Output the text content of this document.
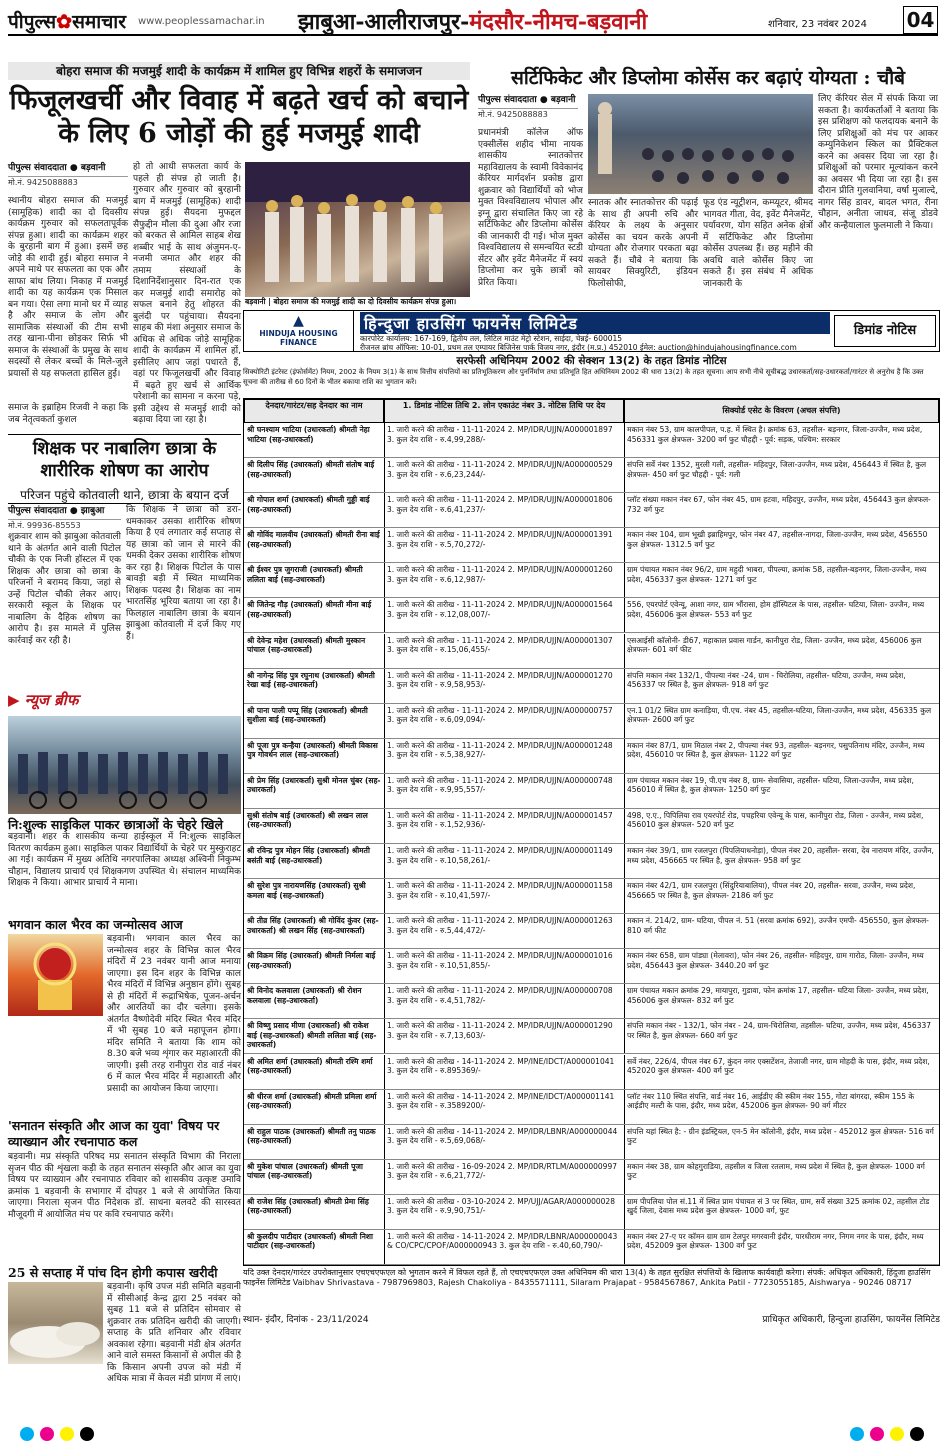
पीपुल्स✿समाचार www.peoplessamachar.in झाबुआ-आलीराजपुर-मंदसौर-नीमच-बड़वानी	शनिवार, 23 नवंबर 2024 04
बोहरा समाज की मजमुई शादी के कार्यक्रम में शामिल हुए विभिन्न शहरों के समाजजन
फिजूलखर्ची और विवाह में बढ़ते खर्च को बचाने के लिए 6 जोड़ों की हुई मजमुई शादी
पीपुल्स संवाददाता ● बड़वानी
मो.नं. 9425088883
स्थानीय बोहरा समाज की मजमुई (सामूहिक) शादी का दो दिवसीय कार्यक्रम गुरुवार को सफलतापूर्वक संपन्न हुआ। शादी का कार्यक्रम शहर के बुरहानी बाग में हुआ। इसमें छह जोड़े की शादी हुई। बोहरा समाज ने अपने माथे पर सफलता का एक और साफा बांध लिया। निकाह में मजमुई शादी का यह कार्यक्रम एक मिसाल बन गया। ऐसा लगा मानो घर में व्याह है और समाज के लोग और सामाजिक संस्थाओं की टीम सभी तरह खाना-पीना छोड़कर सिर्फ़ भी समाज के संस्थाओं के प्रमुख के साथ सदस्यों से लेकर बच्चों के मिले-जुले प्रयासों से यह सफलता हासिल हुई।
समाज के इब्राहिम रिजवी ने कहा कि जब नेतृत्वकर्ता कुशल
हो तो आधी सफलता कार्य के पहले ही संपन्न हो जाती है। गुरुवार और गुरुवार को बुरहानी बाग में मजमुई (सामूहिक) शादी संपन्न हुई। सैयदना मुफद्दल सैफुद्दीन मौला की दुआ और रजा को बरकत से आमिल साहब शेख शब्बीर भाई के साथ अंजुमन-ए-नजमी जमात और शहर की तमाम संस्थाओं के दिशानिर्देशानुसार दिन-रात एक कर मजमुई शादी समारोह को सफल बनाने हेतु शोहरत की बुलंदी पर पहुंचाया। सैयदना साहब की मंशा अनुसार समाज के अधिक से अधिक जोड़े सामूहिक शादी के कार्यक्रम में शामिल हों, इसीलिए आप जहां पधारते हैं, वहां पर फिजूलखर्ची और विवाह में बढ़ते हुए खर्च से आर्थिक परेशानी का सामना न करना पड़े, इसी उद्देश्य से मजमुई शादी को बढ़ावा दिया जा रहा है।
बड़वानी | बोहरा समाज की मजमुई शादी का दो दिवसीय कार्यक्रम संपन्न हुआ।
शिक्षक पर नाबालिग छात्रा के शारीरिक शोषण का आरोप
परिजन पहुंचे कोतवाली थाने, छात्रा के बयान दर्ज
पीपुल्स संवाददाता ● झाबुआ
मो.नं. 99936-85553
शुक्रवार शाम को झाबुआ कोतवाली थाने के अंतर्गत आने वाली पिटोल चौकी के एक निजी हॉस्टल में एक शिक्षक और छात्रा को छात्रा के परिजनों ने बरामद किया, जहां से उन्हें पिटोल चौकी लेकर आए। सरकारी स्कूल के शिक्षक पर नाबालिग के दैहिक शोषण का आरोप है। इस मामले में पुलिस कार्रवाई कर रही है।
कि शिक्षक ने छात्रा को डरा-धमकाकर उसका शारीरिक शोषण किया है एवं लगातार कई सप्ताह से यह छात्रा को जान से मारने की धमकी देकर उसका शारीरिक शोषण कर रहा है। शिक्षक पिटोल के पास बावड़ी बड़ी में स्थित माध्यमिक शिक्षक पदस्थ है। शिक्षक का नाम भारतसिंह भूरिया बताया जा रहा है। फिलहाल नाबालिग छात्रा के बयान झाबुआ कोतवाली में दर्ज किए गए हैं।
▶ न्यूज ब्रीफ
नि:शुल्क साइकिल पाकर छात्राओं के चेहरे खिले
बड़वानी। शहर के शासकीय कन्या हाईस्कूल में नि:शुल्क साइकिल वितरण कार्यक्रम हुआ। साइकिल पाकर विद्यार्थियों के चेहरे पर मुस्कुराहट आ गई। कार्यक्रम में मुख्य अतिथि नगरपालिका अध्यक्ष अश्विनी निकुम्भ चौहान, विद्यालय प्राचार्य एवं शिक्षकगण उपस्थित थे। संचालन माध्यमिक शिक्षक ने किया। आभार प्राचार्य ने माना।
भगवान काल भैरव का जन्मोत्सव आज
बड़वानी। भगवान काल भैरव का जन्मोत्सव शहर के विभिन्न काल भैरव मंदिरों में 23 नवंबर यानी आज मनाया जाएगा। इस दिन शहर के विभिन्न काल भैरव मंदिरों में विभिन्न अनुष्ठान होंगे। सुबह से ही मंदिरों में रूद्राभिषेक, पूजन-अर्चन और आरतियों का दौर चलेगा। इसके अंतर्गत वैष्णोदेवी मंदिर स्थित भैरव मंदिर में भी सुबह 10 बजे महापूजन होगा। मंदिर समिति ने बताया कि शाम को 8.30 बजे भव्य शृंगार कर महाआरती की जाएगी। इसी तरह रानीपुरा रोड वार्ड नंबर 6 में काल भैरव मंदिर में महाआरती और प्रसादी का आयोजन किया जाएगा।
'सनातन संस्कृति और आज का युवा' विषय पर व्याख्यान और रचनापाठ कल
बड़वानी। मप्र संस्कृति परिषद मप्र सनातन संस्कृति विभाग की निराला सृजन पीठ की शृंखला कड़ी के तहत सनातन संस्कृति और आज का युवा विषय पर व्याख्यान और रचनापाठ रविवार को शासकीय उत्कृष्ट उमावि क्रमांक 1 बड़वानी के सभागार में दोपहर 1 बजे से आयोजित किया जाएगा। निराला सृजन पीठ निदेशक डॉ. साधना बलवटे की सारस्वत मौजूदगी में आयोजित मंच पर कवि रचनापाठ करेंगे।
25 से सप्ताह में पांच दिन होगी कपास खरीदी
बड़वानी। कृषि उपज मंडी समिति बड़वानी में सीसीआई केन्द्र द्वारा 25 नवंबर को सुबह 11 बजे से प्रतिदिन सोमवार से शुक्रवार तक प्रतिदिन खरीदी की जाएगी। सप्ताह के प्रति शनिवार और रविवार अवकाश रहेगा। बड़वानी मंडी क्षेत्र अंतर्गत आने वाले समस्त किसानों से अपील की है कि किसान अपनी उपज को मंडी में अधिक मात्रा में केवल मंडी प्रांगण में लाएं।
सर्टिफिकेट और डिप्लोमा कोर्सेस कर बढ़ाएं योग्यता : चौबे
पीपुल्स संवाददाता ● बड़वानी
मो.नं. 9425088883
प्रधानमंत्री कॉलेज ऑफ एक्सीलेंस शहीद भीमा नायक शासकीय स्नातकोत्तर महाविद्यालय के स्वामी विवेकानंद कॅरियर मार्गदर्शन प्रकोष्ठ द्वारा शुक्रवार को विद्यार्थियों को भोज मुक्त विश्वविद्यालय भोपाल और इग्नू द्वारा संचालित किए जा रहे सर्टिफिकेट और डिप्लोमा कोर्सेस की जानकारी दी गई। भोज मुक्त विश्वविद्यालय से समन्वयित स्टडी सेंटर और इवेंट मैनेजमेंट में स्वयं डिप्लोमा कर चुके छात्रों को प्रेरित किया।
स्नातक और स्नातकोत्तर की पढ़ाई के साथ ही अपनी रुचि और कॅरियर के लक्ष्य के अनुसार कोर्सेस का चयन करके अपनी योग्यता और रोजगार परकता बढ़ा सकते हैं। चौबे ने बताया कि सायबर सिक्युरिटी, इंडियन फिलोसोफी,
फूड एंड न्यूट्रीशन, कम्प्यूटर, श्रीमद भागवत गीता, वेद, इवेंट मैनेजमेंट, पर्यावरण, योग सहित अनेक क्षेत्रों में सर्टिफिकेट और डिप्लोमा कोर्सेस उपलब्ध हैं। छह महीने की अवधि वाले कोर्सेस किए जा सकते हैं। इस संबंध में अधिक जानकारी के
लिए कॅरियर सेल में संपर्क किया जा सकता है। कार्यकर्ताओं ने बताया कि इस प्रशिक्षण को फलदायक बनाने के लिए प्रशिक्षुओं को मंच पर आकर कम्युनिकेशन स्किल का प्रैक्टिकल करने का अवसर दिया जा रहा है। प्रशिक्षुओं को परमार मूल्यांकन करने का अवसर भी दिया जा रहा है। इस दौरान प्रीति गुलवानिया, वर्षा मुजाल्दे, नागर सिंह डावर, बादल भगत, रीना चौहान, अनीता जाधव, संजू डोडवे और कन्हैयालाल फुलमाली ने किया।
▲
HINDUJA HOUSING FINANCE
हिन्दुजा हाउसिंग फायनेंस लिमिटेड
कारपोरेट कार्यालय: 167-169, द्वितीय तल, लिटिल माउंट मेट्रो स्टेशन, साईदा, चेन्नई- 600015
रीजनल ब्रांच ऑफिस: 10-01, प्रथम तल एम्पायर बिजिनेस पार्क विजय नगर, इंदौर (म.प्र.) 452010 ईमेल: auction@hindujahousingfinance.com
डिमांड नोटिस
सरफेसी अधिनियम 2002 की सेक्शन 13(2) के तहत डिमांड नोटिस
सिक्योरिटी इंटरेस्ट (इंफोर्समेंट) नियम, 2002 के नियम 3(1) के साथ वित्तीय संपत्तियों का प्रतिभूतिकरण और पुनर्निर्माण तथा प्रतिभूति हित अधिनियम 2002 की धारा 13(2) के तहत सूचना। आप सभी नीचे सूचीबद्ध उधारकर्ता/सह-उधारकर्ता/गारंटर से अनुरोध है कि उक्त सूचना की तारीख से 60 दिनों के भीतर बकाया राशि का भुगतान करें।
देनदार/गारंटर/सह देनदार का नाम	1. डिमांड नोटिस तिथि 2. लोन एकाउंट नंबर 3. नोटिस तिथि पर देय
सिक्योर्ड एसेट के विवरण (अचल संपत्ति)
श्री घनश्याम भाटिया (उधारकर्ता) श्रीमती नेहा भाटिया (सह-उधारकर्ता)
1. जारी करने की तारीख - 11-11-2024 2. MP/IDR/UJJN/A000001897 3. कुल देय राशि - रु.4,99,288/-
मकान नंबर 53, ग्राम कालपीपल, प.ह. में स्थित है। क्रमांक 63, तहसील- बड़नगर, जिला-उज्जैन, मध्य प्रदेश, 456331 कुल क्षेत्रफल- 3200 वर्ग फुट चौहद्दी - पूर्व: सड़क, पश्चिम: सरकार
श्री दिलीप सिंह (उधारकर्ता) श्रीमती संतोष बाई (सह-उधारकर्ता)
1. जारी करने की तारीख - 11-11-2024 2. MP/IDR/UJJN/A000000529 3. कुल देय राशि - रु.6,23,244/-
संपत्ति सर्वे नंबर 1352, मुरली गली, तहसील- महिदपुर, जिला-उज्जैन, मध्य प्रदेश, 456443 में स्थित है, कुल क्षेत्रफल- 450 वर्ग फुट चौहद्दी - पूर्व: गली
श्री गोपाल शर्मा (उधारकर्ता) श्रीमती गुड्डी बाई (सह-उधारकर्ता)
1. जारी करने की तारीख - 11-11-2024 2. MP/IDR/UJJN/A000001806 3. कुल देय राशि - रु.6,41,237/-
प्लॉट संख्या मकान नंबर 67, फोन नंबर 45, ग्राम हटवा, महिदपुर, उज्जैन, मध्य प्रदेश, 456443 कुल क्षेत्रफल- 732 वर्ग फुट
श्री गोविंद मालवीय (उधारकर्ता) श्रीमती रीना बाई (सह-उधारकर्ता)
1. जारी करने की तारीख - 11-11-2024 2. MP/IDR/UJJN/A000001391 3. कुल देय राशि - रु.5,70,272/-
मकान नंबर 104, ग्राम भूखी इब्राहिमपुर, फोन नंबर 47, तहसील-नागदा, जिला-उज्जैन, मध्य प्रदेश, 456550 कुल क्षेत्रफल- 1312.5 वर्ग फुट
श्री ईश्वर पुत्र जुगराजी (उधारकर्ता) श्रीमती ललिता बाई (सह-उधारकर्ता)
1. जारी करने की तारीख - 11-11-2024 2. MP/IDR/UJJN/A000001260 3. कुल देय राशि - रु.6,12,987/-
ग्राम पंचायत मकान नंबर 96/2, ग्राम महुदी भाबरा, पीपल्या, क्रमांक 58, तहसील-बड़नगर, जिला-उज्जैन, मध्य प्रदेश, 456337 कुल क्षेत्रफल- 1271 वर्ग फुट
श्री जितेन्द्र गौड़ (उधारकर्ता) श्रीमती मीना बाई (सह-उधारकर्ता)
1. जारी करने की तारीख - 11-11-2024 2. MP/IDR/UJJN/A000001564 3. कुल देय राशि - रु.12,08,007/-
556, एयरपोर्ट एवेन्यू, आशा नगर, ग्राम भौंरासा, होम हॉस्पिटल के पास, तहसील- घटिया, जिला- उज्जैन, मध्य प्रदेश, 456006 कुल क्षेत्रफल- 553 वर्ग फुट
श्री देवेन्द्र महेश (उधारकर्ता) श्रीमती मुस्कान पांचाल (सह-उधारकर्ता)
1. जारी करने की तारीख - 11-11-2024 2. MP/IDR/UJJN/A000001307 3. कुल देय राशि - रु.15,06,455/-
एसआईसी कॉलोनी- डी67, महाकाल प्रवास गार्डन, कानीपुरा रोड, जिला- उज्जैन, मध्य प्रदेश, 456006 कुल क्षेत्रफल- 601 वर्ग फीट
श्री नागेन्द्र सिंह पुत्र रघुनाथ (उधारकर्ता) श्रीमती रेखा बाई (सह-उधारकर्ता)
1. जारी करने की तारीख - 11-11-2024 2. MP/IDR/UJJN/A000001270 3. कुल देय राशि - रु.9,58,953/-
संपत्ति मकान नंबर 132/1, पीपल्या नंबर -24, ग्राम - चिरोलिया, तहसील- घटिया, उज्जैन, मध्य प्रदेश, 456337 पर स्थित है, कुल क्षेत्रफल- 918 वर्ग फुट
श्री पाना पाली पप्पू सिंह (उधारकर्ता) श्रीमती सुशीला बाई (सह-उधारकर्ता)
1. जारी करने की तारीख - 11-11-2024 2. MP/IDR/UJJN/A000000757 3. कुल देय राशि - रु.6,09,094/-
एन.1 01/2 स्थित ग्राम कनाड़िया, पी.एच. नंबर 45, तहसील-घटिया, जिला-उज्जैन, मध्य प्रदेश, 456335 कुल क्षेत्रफल- 2600 वर्ग फुट
श्री पूजा पुत्र कन्हैया (उधारकर्ता) श्रीमती विकास पुत्र गोवर्धन लाल (सह-उधारकर्ता)
1. जारी करने की तारीख - 11-11-2024 2. MP/IDR/UJJN/A000001248 3. कुल देय राशि - रु.5,38,927/-
मकान नंबर 87/1, ग्राम मिठाल नंबर 2, पीपल्या नंबर 93, तहसील- बड़नगर, पसुपतिनाथ मंदिर, उज्जैन, मध्य प्रदेश, 456010 पर स्थित है, कुल क्षेत्रफल- 1122 वर्ग फुट
श्री प्रेम सिंह (उधारकर्ता) सुश्री मोनल चुंबर (सह-उधारकर्ता)
1. जारी करने की तारीख - 11-11-2024 2. MP/IDR/UJJN/A000000748 3. कुल देय राशि - रु.9,95,557/-
ग्राम पंचायत मकान नंबर 19, पी.एच नंबर 8, ग्राम- सेवासिया, तहसील- घटिया, जिला-उज्जैन, मध्य प्रदेश, 456010 में स्थित है, कुल क्षेत्रफल- 1250 वर्ग फुट
सुश्री संतोष बाई (उधारकर्ता) श्री लखन लाल (सह-उधारकर्ता)
1. जारी करने की तारीख - 11-11-2024 2. MP/IDR/UJJN/A000001457 3. कुल देय राशि - रु.1,52,936/-
498, ए.ए., पिपिलिया राव एयरपोर्ट रोड, पचहरिया एवेन्यू के पास, कानीपुरा रोड, जिला - उज्जैन, मध्य प्रदेश, 456010 कुल क्षेत्रफल- 520 वर्ग फुट
श्री रविन्द्र पुत्र मोहन सिंह (उधारकर्ता) श्रीमती बसंती बाई (सह-उधारकर्ता)
1. जारी करने की तारीख - 11-11-2024 2. MP/IDR/UJJN/A000001149 3. कुल देय राशि - रु.10,58,261/-
मकान नंबर 39/1, ग्राम रजलपुरा (पिपलियाधनोड़ा), पीपल नंबर 20, तहसील- सरवा, देव नारायण मंदिर, उज्जैन, मध्य प्रदेश, 456665 पर स्थित है, कुल क्षेत्रफल- 958 वर्ग फुट
श्री सुरेश पुत्र नारायणसिंह (उधारकर्ता) सुश्री कमला बाई (सह-उधारकर्ता)
1. जारी करने की तारीख - 11-11-2024 2. MP/IDR/UJJN/A000001158 3. कुल देय राशि - रु.10,41,597/-
मकान नंबर 42/1, ग्राम रजलपुरा (सिंदुरियाबालिया), पीपल नंबर 20, तहसील- सरवा, उज्जैन, मध्य प्रदेश, 456665 पर स्थित है, कुल क्षेत्रफल- 2186 वर्ग फुट
श्री तीव्र सिंह (उधारकर्ता) श्री गोविंद कुंवर (सह-उधारकर्ता) श्री लखन सिंह (सह-उधारकर्ता)
1. जारी करने की तारीख - 11-11-2024 2. MP/IDR/UJJN/A000001263 3. कुल देय राशि - रु.5,44,472/-
मकान नं. 214/2, ग्राम- घटिया, पीपल नं. 51 (सरवा क्रमांक 692), उज्जैन एमपी- 456550, कुल क्षेत्रफल- 810 वर्ग फीट
श्री विक्रम सिंह (उधारकर्ता) श्रीमती निर्मला बाई (सह-उधारकर्ता)
1. जारी करने की तारीख - 11-11-2024 2. MP/IDR/UJJN/A000001016 3. कुल देय राशि - रु.10,51,855/-
मकान नंबर 658, ग्राम पांड्या (मेलावरा), फोन नंबर 26, तहसील- महिदपुर, ग्राम गारोठ, जिला- उज्जैन, मध्य प्रदेश, 456443 कुल क्षेत्रफल- 3440.20 वर्ग फुट
श्री विनोद कलवाला (उधारकर्ता) श्री रोशन कलवाला (सह-उधारकर्ता)
1. जारी करने की तारीख - 11-11-2024 2. MP/IDR/UJJN/A000000708 3. कुल देय राशि - रु.4,51,782/-
ग्राम पंचायत मकान क्रमांक 29, मायापुरा, गुडावा, फोन क्रमांक 17, तहसील- घटिया जिला- उज्जैन, मध्य प्रदेश, 456006 कुल क्षेत्रफल- 832 वर्ग फुट
श्री विष्णु प्रसाद मीणा (उधारकर्ता) श्री राकेश बाई (सह-उधारकर्ता) श्रीमती ललिता बाई (सह-उधारकर्ता)
1. जारी करने की तारीख - 11-11-2024 2. MP/IDR/UJJN/A000001290 3. कुल देय राशि - रु.7,13,603/-
संपत्ति मकान नंबर - 132/1, फोन नंबर - 24, ग्राम-चिरोलिया, तहसील- घटिया, उज्जैन, मध्य प्रदेश, 456337 पर स्थित है, कुल क्षेत्रफल- 660 वर्ग फुट
श्री अमित शर्मा (उधारकर्ता) श्रीमती रश्मि शर्मा (सह-उधारकर्ता)
1. जारी करने की तारीख - 14-11-2024 2. MP/INE/IDCT/A000001041 3. कुल देय राशि - रु.895369/-
सर्वे नंबर, 226/4, पीपल नंबर 67, कुंदन नगर एक्सटेंशन, तेजाजी नगर, ग्राम मोहदी के पास, इंदौर, मध्य प्रदेश, 452020 कुल क्षेत्रफल- 400 वर्ग फुट
श्री धीरज शर्मा (उधारकर्ता) श्रीमती प्रमिला शर्मा (सह-उधारकर्ता)
1. जारी करने की तारीख - 14-11-2024 2. MP/INE/IDCT/A000001141 3. कुल देय राशि - रु.3589200/-
प्लॉट नंबर 110 स्थित संपत्ति, वार्ड नंबर 16, आईडीए की स्कीम नंबर 155, गोटा बांगरदा, स्कीम 155 के आईडीए मल्टी के पास, इंदौर, मध्य प्रदेश, 452006 कुल क्षेत्रफल- 90 वर्ग मीटर
श्री राहुल पाठक (उधारकर्ता) श्रीमती तनु पाठक (सह-उधारकर्ता)
1. जारी करने की तारीख - 14-11-2024 2. MP/IDR/LBNR/A000000044 3. कुल देय राशि - रु.5,69,068/-
संपत्ति यहां स्थित है: - ग्रीन इंडस्ट्रियल, एन-5 मेन कॉलोनी, इंदौर, मध्य प्रदेश - 452012 कुल क्षेत्रफल- 516 वर्ग फुट
श्री मुकेश पांचाल (उधारकर्ता) श्रीमती पूजा पांचाल (सह-उधारकर्ता)
1. जारी करने की तारीख - 16-09-2024 2. MP/IDR/RTLM/A000000997 3. कुल देय राशि - रु.6,21,772/-
मकान नंबर 38, ग्राम कोहगुराडिया, तहसील व जिला रतलाम, मध्य प्रदेश में स्थित है, कुल क्षेत्रफल- 1000 वर्ग फुट
श्री राजेश सिंह (उधारकर्ता) श्रीमती प्रेमा सिंह (सह-उधारकर्ता)
1. जारी करने की तारीख - 03-10-2024 2. MP/UJJ/AGAR/A000000028 3. कुल देय राशि - रु.9,90,751/-
ग्राम पीपलिया पोल सं.11 में स्थित प्राम पंचायत सं 3 पर स्थित, ग्राम, सर्वे संख्या 325 क्रमांक 02, तहसील टोड खुर्द जिला, देवास मध्य प्रदेश कुल क्षेत्रफल- 1000 वर्ग, फुट
श्री कुलदीप पाटीदार (उधारकर्ता) श्रीमती निशा पाटीदार (सह-उधारकर्ता)
1. जारी करने की तारीख - 14-11-2024 2. MP/IDR/LBNR/A000000043 & CO/CPC/CPOF/A000000943 3. कुल देय राशि - रु.40,60,790/-
मकान नंबर 27-ए पर कॉमन ग्राम ग्राम टेलपुर मगरवानी इंदौर, पारधीराम नगर, निगम नगर के पास, इंदौर, मध्य प्रदेश, 452009 कुल क्षेत्रफल- 1300 वर्ग फुट
यदि उक्त देनदार/गारंटर उपरोक्तानुसार एचएचएफएल को भुगतान करने में विफल रहते हैं, तो एचएचएफएल उक्त अधिनियम की धारा 13(4) के तहत सुरक्षित संपत्तियों के खिलाफ कार्यवाही करेगा। संपर्क: अधिकृत अधिकारी, हिंदुजा हाउसिंग फाइनेंस लिमिटेड Vaibhav Shrivastava - 7987969803, Rajesh Chakoliya - 8435571111, Silaram Prajapat - 9584567867, Ankita Patil - 7723055185, Aishwarya - 90246 08717
स्थान- इंदौर, दिनांक - 23/11/2024	प्राधिकृत अधिकारी, हिन्दुजा हाउसिंग, फायनेंस लिमिटेड
